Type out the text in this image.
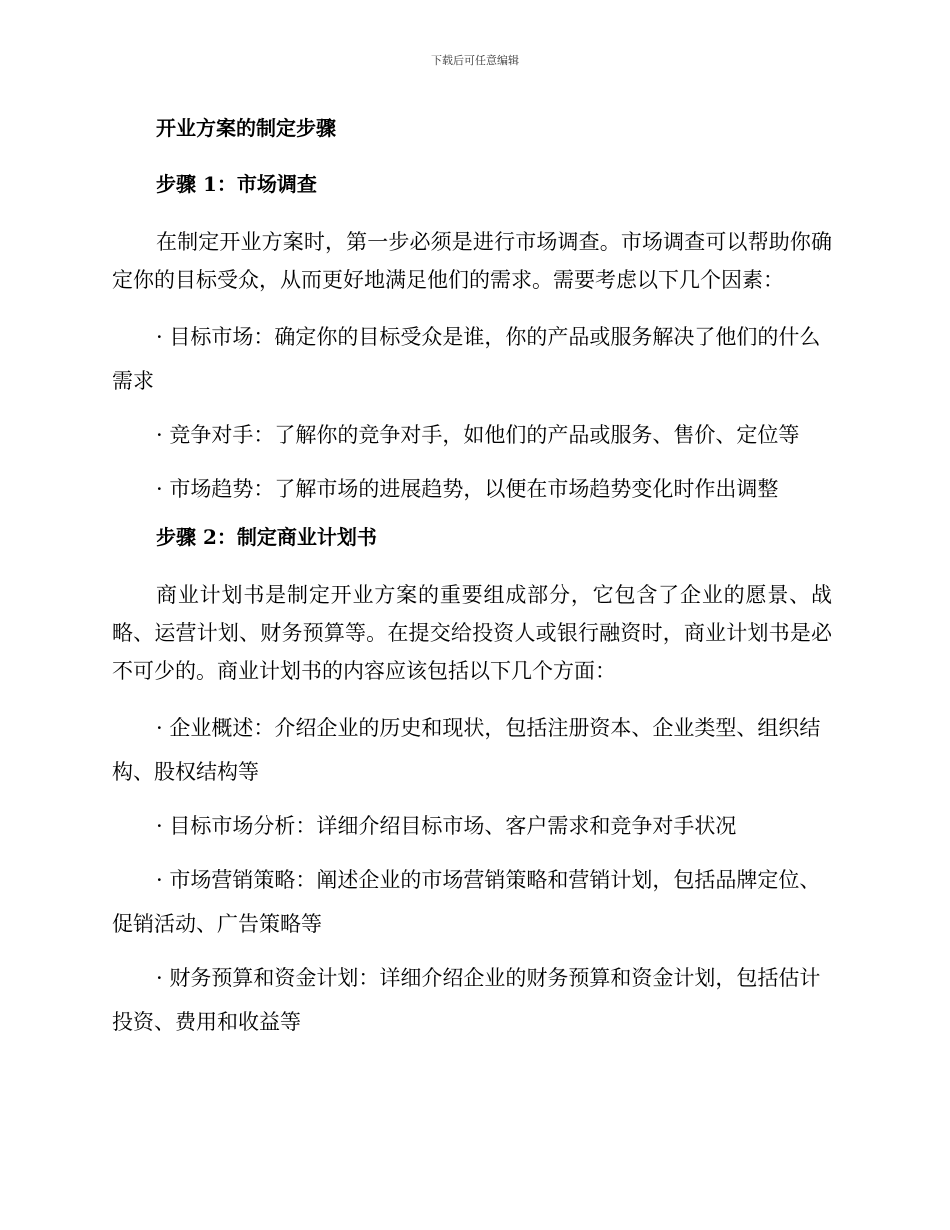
下载后可任意编辑
开业方案的制定步骤
步骤 1：市场调查
在制定开业方案时，第一步必须是进行市场调查。市场调查可以帮助你确定你的目标受众，从而更好地满足他们的需求。需要考虑以下几个因素：
· 目标市场：确定你的目标受众是谁，你的产品或服务解决了他们的什么需求
· 竞争对手：了解你的竞争对手，如他们的产品或服务、售价、定位等
· 市场趋势：了解市场的进展趋势，以便在市场趋势变化时作出调整
步骤 2：制定商业计划书
商业计划书是制定开业方案的重要组成部分，它包含了企业的愿景、战略、运营计划、财务预算等。在提交给投资人或银行融资时，商业计划书是必不可少的。商业计划书的内容应该包括以下几个方面：
· 企业概述：介绍企业的历史和现状，包括注册资本、企业类型、组织结构、股权结构等
· 目标市场分析：详细介绍目标市场、客户需求和竞争对手状况
· 市场营销策略：阐述企业的市场营销策略和营销计划，包括品牌定位、促销活动、广告策略等
· 财务预算和资金计划：详细介绍企业的财务预算和资金计划，包括估计投资、费用和收益等
